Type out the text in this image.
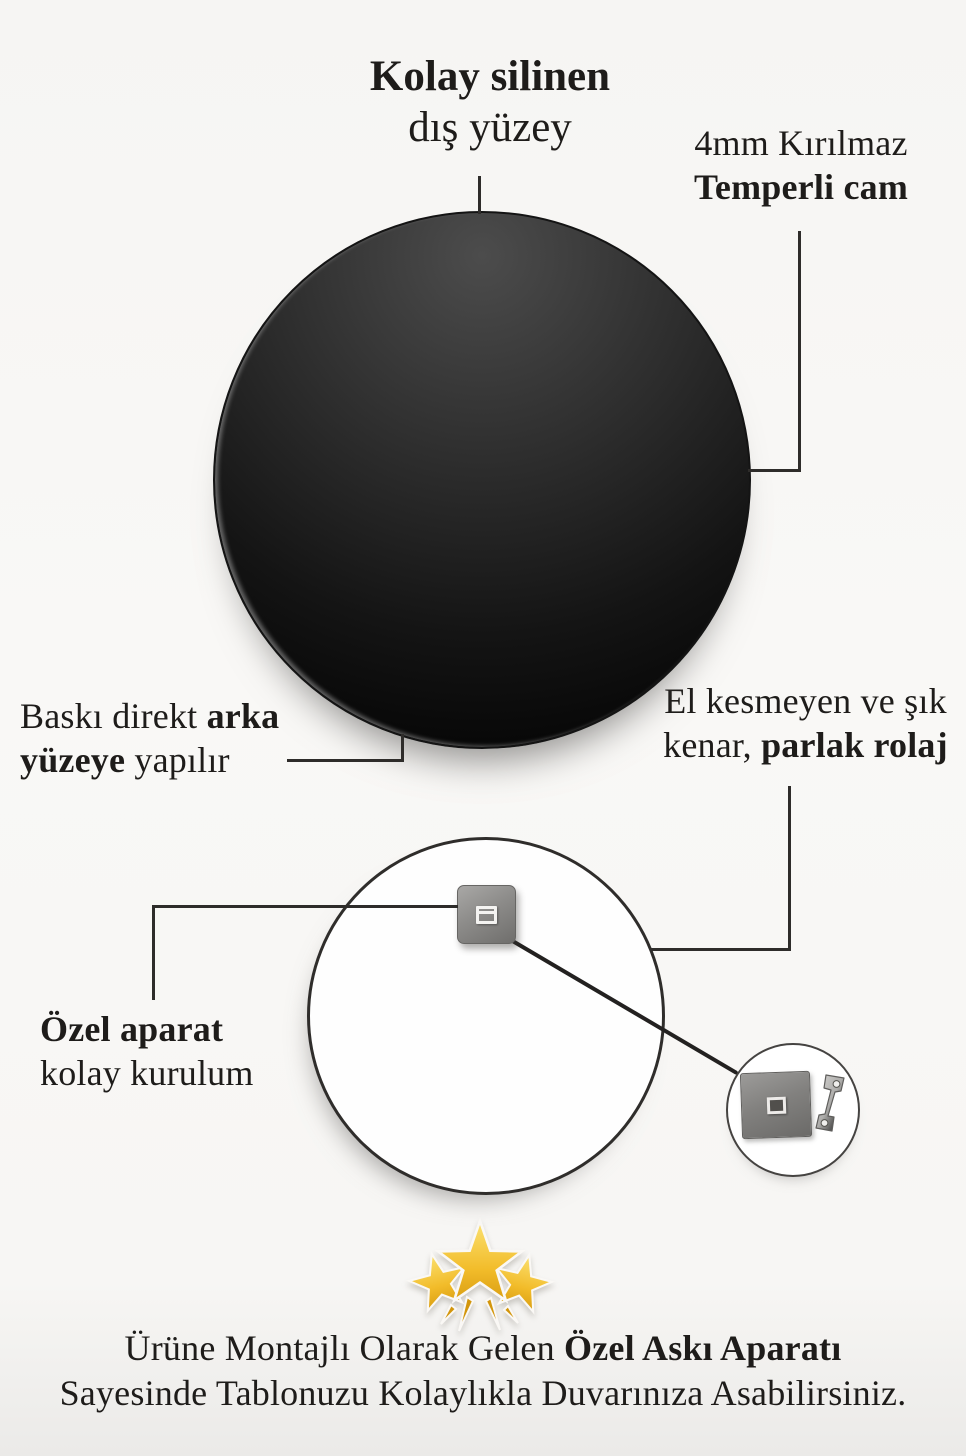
Kolay silinen
dış yüzey	4mm Kırılmaz
Temperli cam
Baskı direkt arka
yüzeye yapılır
El kesmeyen ve şık
kenar, parlak rolaj
Özel aparat
kolay kurulum
Ürüne Montajlı Olarak Gelen Özel Askı Aparatı
Sayesinde Tablonuzu Kolaylıkla Duvarınıza Asabilirsiniz.
